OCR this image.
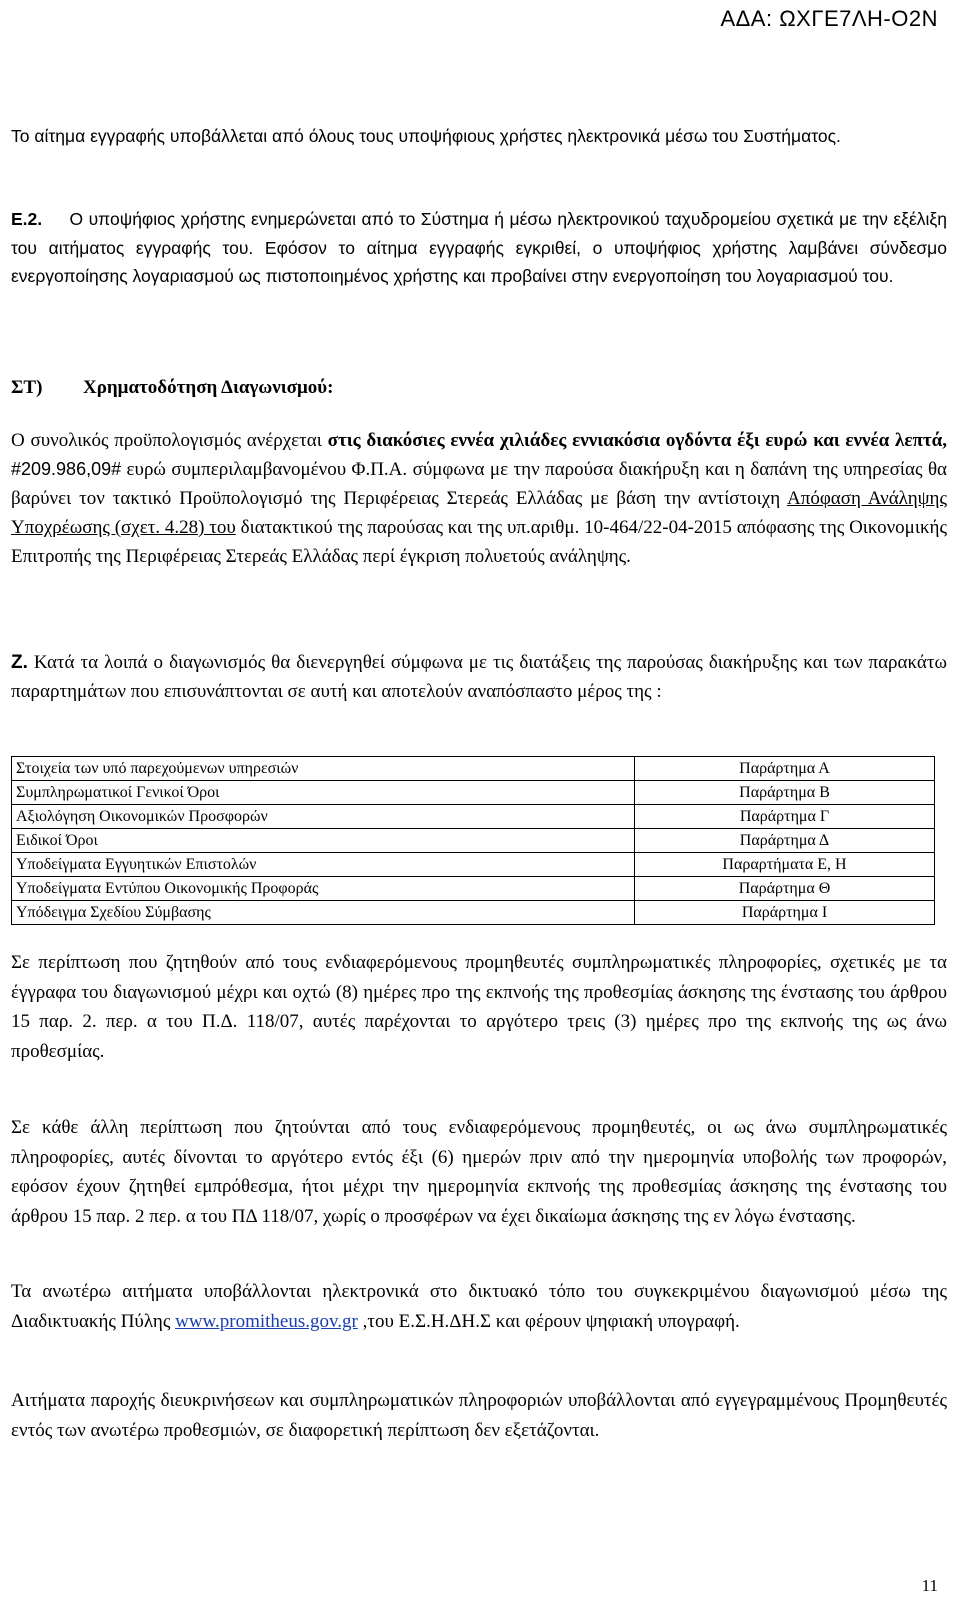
ΑΔΑ: ΩΧΓΕ7ΛΗ-Ο2Ν

Το αίτημα εγγραφής υποβάλλεται από όλους τους υποψήφιους χρήστες ηλεκτρονικά μέσω του Συστήματος.

Ε.2. Ο υποψήφιος χρήστης ενημερώνεται από το Σύστημα ή μέσω ηλεκτρονικού ταχυδρομείου σχετικά με την εξέλιξη του αιτήματος εγγραφής του. Εφόσον το αίτημα εγγραφής εγκριθεί, ο υποψήφιος χρήστης λαμβάνει σύνδεσμο ενεργοποίησης λογαριασμού ως πιστοποιημένος χρήστης και προβαίνει στην ενεργοποίηση του λογαριασμού του.

ΣΤ) Χρηματοδότηση Διαγωνισμού:

Ο συνολικός προϋπολογισμός ανέρχεται στις διακόσιες εννέα χιλιάδες εννιακόσια ογδόντα έξι ευρώ και εννέα λεπτά, #209.986,09# ευρώ συμπεριλαμβανομένου Φ.Π.Α. σύμφωνα με την παρούσα διακήρυξη και η δαπάνη της υπηρεσίας θα βαρύνει τον τακτικό Προϋπολογισμό της Περιφέρειας Στερεάς Ελλάδας με βάση την αντίστοιχη Απόφαση Ανάληψης Υποχρέωσης (σχετ. 4.28) του διατακτικού της παρούσας και της υπ.αριθμ. 10-464/22-04-2015 απόφασης της Οικονομικής Επιτροπής της Περιφέρειας Στερεάς Ελλάδας περί έγκριση πολυετούς ανάληψης.

Ζ. Κατά τα λοιπά ο διαγωνισμός θα διενεργηθεί σύμφωνα με τις διατάξεις της παρούσας διακήρυξης και των παρακάτω παραρτημάτων που επισυνάπτονται σε αυτή και αποτελούν αναπόσπαστο μέρος της :

Στοιχεία των υπό παρεχούμενων υπηρεσιών	Παράρτημα Α
Συμπληρωματικοί Γενικοί Όροι	Παράρτημα Β
Αξιολόγηση Οικονομικών Προσφορών	Παράρτημα Γ
Ειδικοί Όροι	Παράρτημα Δ
Υποδείγματα Εγγυητικών Επιστολών	Παραρτήματα Ε, Η
Υποδείγματα Εντύπου Οικονομικής Προφοράς	Παράρτημα Θ
Υπόδειγμα Σχεδίου Σύμβασης	Παράρτημα Ι

Σε περίπτωση που ζητηθούν από τους ενδιαφερόμενους προμηθευτές συμπληρωματικές πληροφορίες, σχετικές με τα έγγραφα του διαγωνισμού μέχρι και οχτώ (8) ημέρες προ της εκπνοής της προθεσμίας άσκησης της ένστασης του άρθρου 15 παρ. 2. περ. α του Π.Δ. 118/07, αυτές παρέχονται το αργότερο τρεις (3) ημέρες προ της εκπνοής της ως άνω προθεσμίας.

Σε κάθε άλλη περίπτωση που ζητούνται από τους ενδιαφερόμενους προμηθευτές, οι ως άνω συμπληρωματικές πληροφορίες, αυτές δίνονται το αργότερο εντός έξι (6) ημερών πριν από την ημερομηνία υποβολής των προφορών, εφόσον έχουν ζητηθεί εμπρόθεσμα, ήτοι μέχρι την ημερομηνία εκπνοής της προθεσμίας άσκησης της ένστασης του άρθρου 15 παρ. 2 περ. α του ΠΔ 118/07, χωρίς ο προσφέρων να έχει δικαίωμα άσκησης της εν λόγω ένστασης.

Τα ανωτέρω αιτήματα υποβάλλονται ηλεκτρονικά στο δικτυακό τόπο του συγκεκριμένου διαγωνισμού μέσω της Διαδικτυακής Πύλης www.promitheus.gov.gr ,του Ε.Σ.Η.ΔΗ.Σ και φέρουν ψηφιακή υπογραφή.

Αιτήματα παροχής διευκρινήσεων και συμπληρωματικών πληροφοριών υποβάλλονται από εγγεγραμμένους Προμηθευτές εντός των ανωτέρω προθεσμιών, σε διαφορετική περίπτωση δεν εξετάζονται.

11
